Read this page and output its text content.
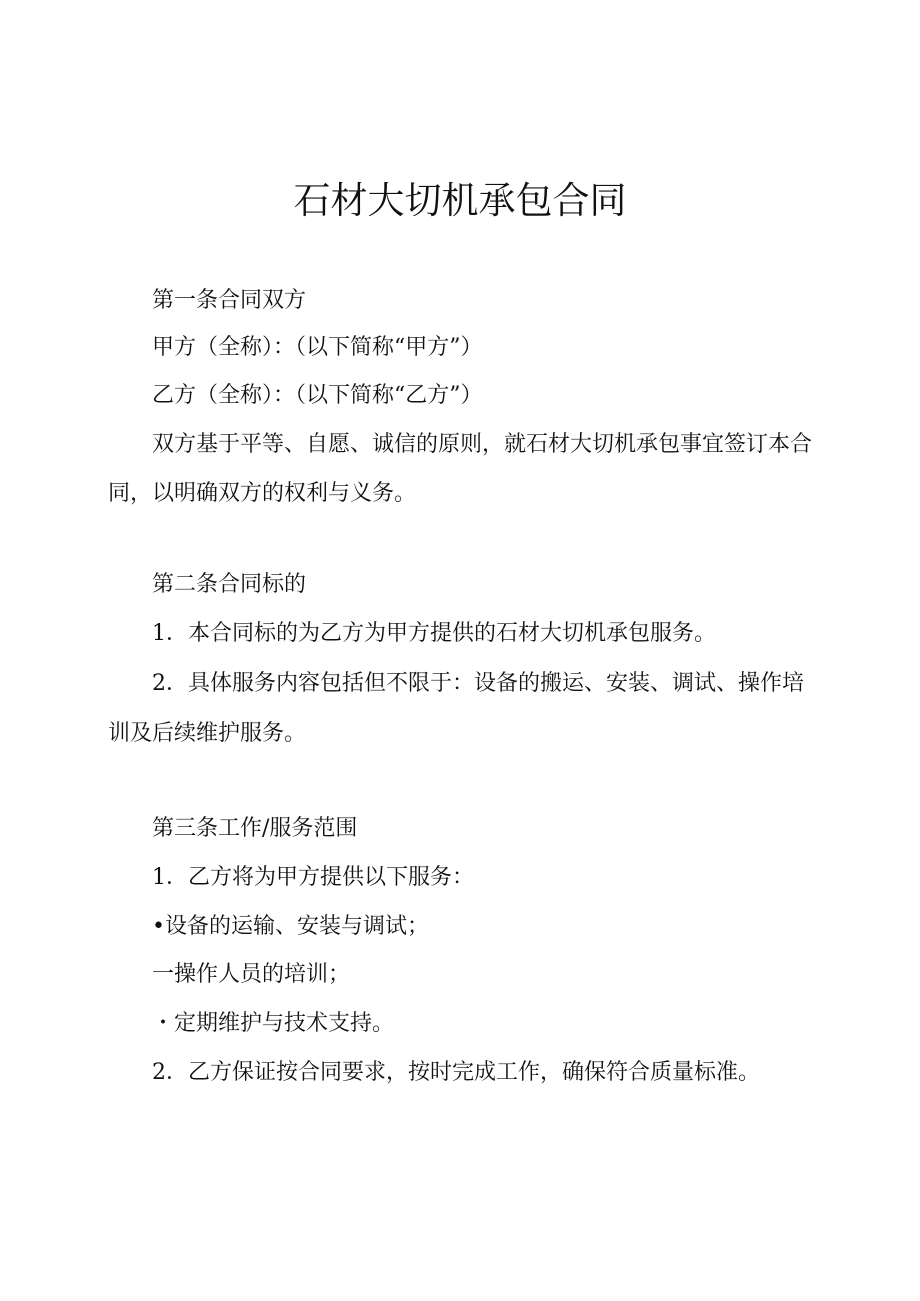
石材大切机承包合同
第一条合同双方
甲方（全称）：（以下简称“甲方”）
乙方（全称）：（以下简称“乙方”）
双方基于平等、自愿、诚信的原则，就石材大切机承包事宜签订本合
同，以明确双方的权利与义务。
第二条合同标的
1．本合同标的为乙方为甲方提供的石材大切机承包服务。
2．具体服务内容包括但不限于：设备的搬运、安装、调试、操作培
训及后续维护服务。
第三条工作/服务范围
1．乙方将为甲方提供以下服务：
•设备的运输、安装与调试；
一操作人员的培训；
・定期维护与技术支持。
2．乙方保证按合同要求，按时完成工作，确保符合质量标准。
